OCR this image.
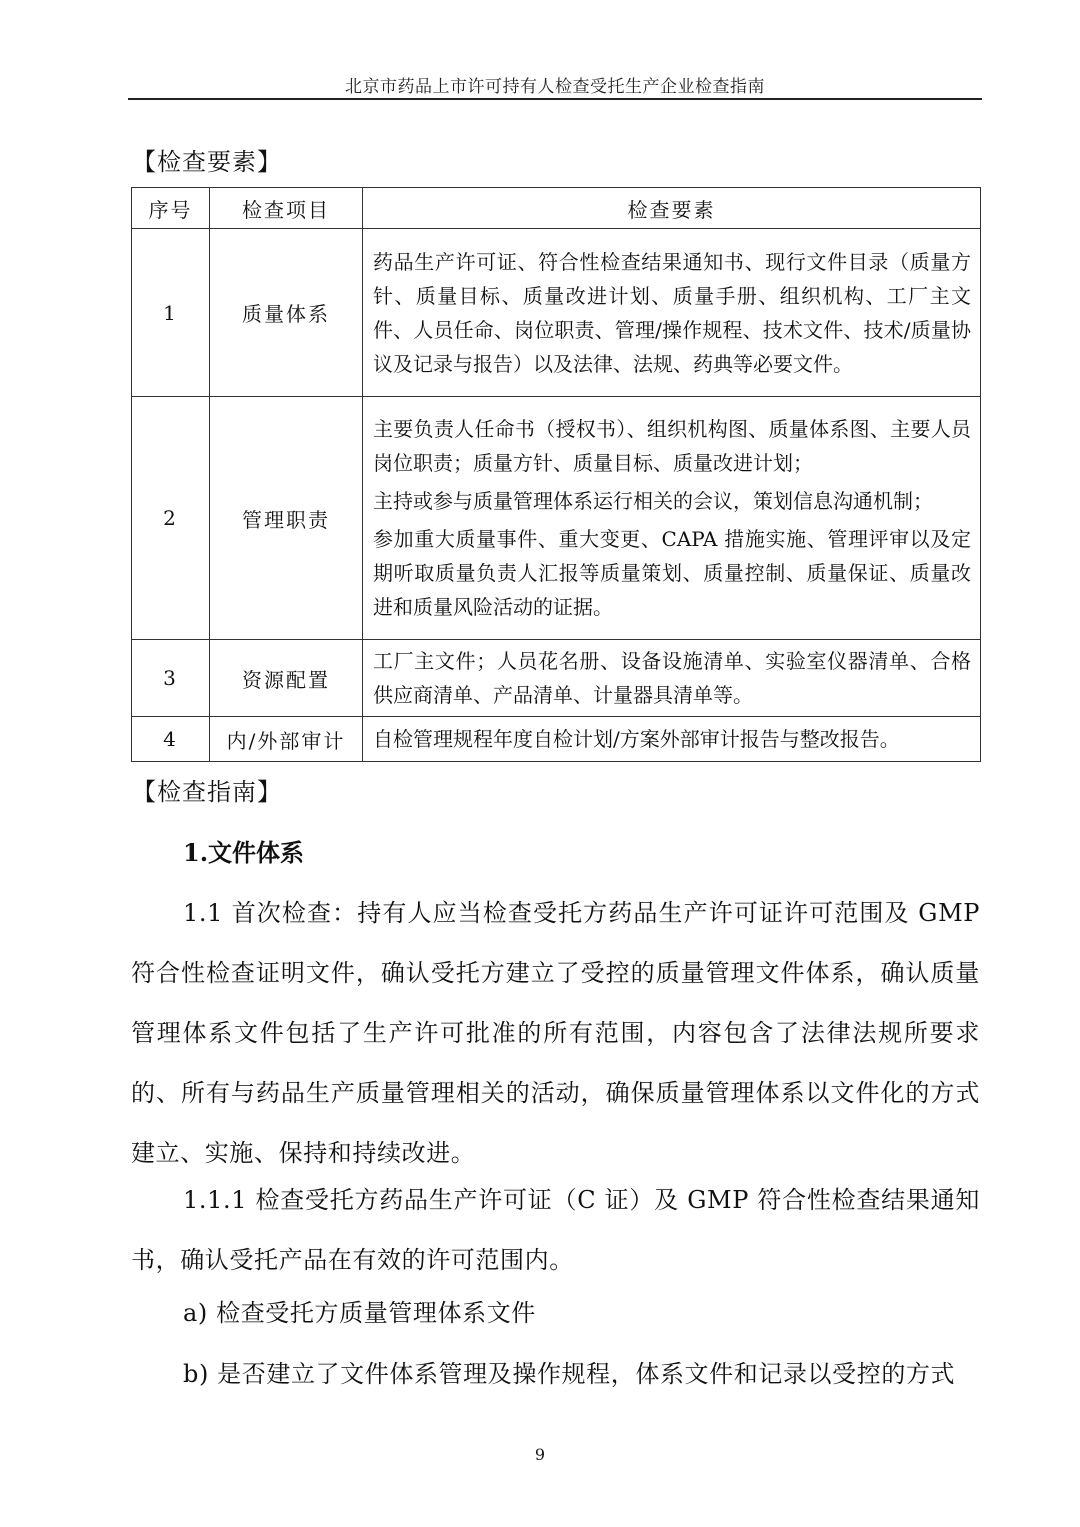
北京市药品上市许可持有人检查受托生产企业检查指南
【检查要素】
序号	检查项目	检查要素
1	质量体系	药品生产许可证、符合性检查结果通知书、现行文件目录（质量方针、质量目标、质量改进计划、质量手册、组织机构、工厂主文件、人员任命、岗位职责、管理/操作规程、技术文件、技术/质量协议及记录与报告）以及法律、法规、药典等必要文件。

2	管理职责	主要负责人任命书（授权书）、组织机构图、质量体系图、主要人员岗位职责；质量方针、质量目标、质量改进计划；

主持或参与质量管理体系运行相关的会议，策划信息沟通机制；

参加重大质量事件、重大变更、CAPA 措施实施、管理评审以及定期听取质量负责人汇报等质量策划、质量控制、质量保证、质量改进和质量风险活动的证据。

3	资源配置	工厂主文件；人员花名册、设备设施清单、实验室仪器清单、合格供应商清单、产品清单、计量器具清单等。

4	内/外部审计	自检管理规程年度自检计划/方案外部审计报告与整改报告。

【检查指南】
1.文件体系
1.1 首次检查：持有人应当检查受托方药品生产许可证许可范围及 GMP 符合性检查证明文件，确认受托方建立了受控的质量管理文件体系，确认质量管理体系文件包括了生产许可批准的所有范围，内容包含了法律法规所要求的、所有与药品生产质量管理相关的活动，确保质量管理体系以文件化的方式建立、实施、保持和持续改进。
1.1.1 检查受托方药品生产许可证（C 证）及 GMP 符合性检查结果通知书，确认受托产品在有效的许可范围内。
a) 检查受托方质量管理体系文件
b) 是否建立了文件体系管理及操作规程，体系文件和记录以受控的方式
9
